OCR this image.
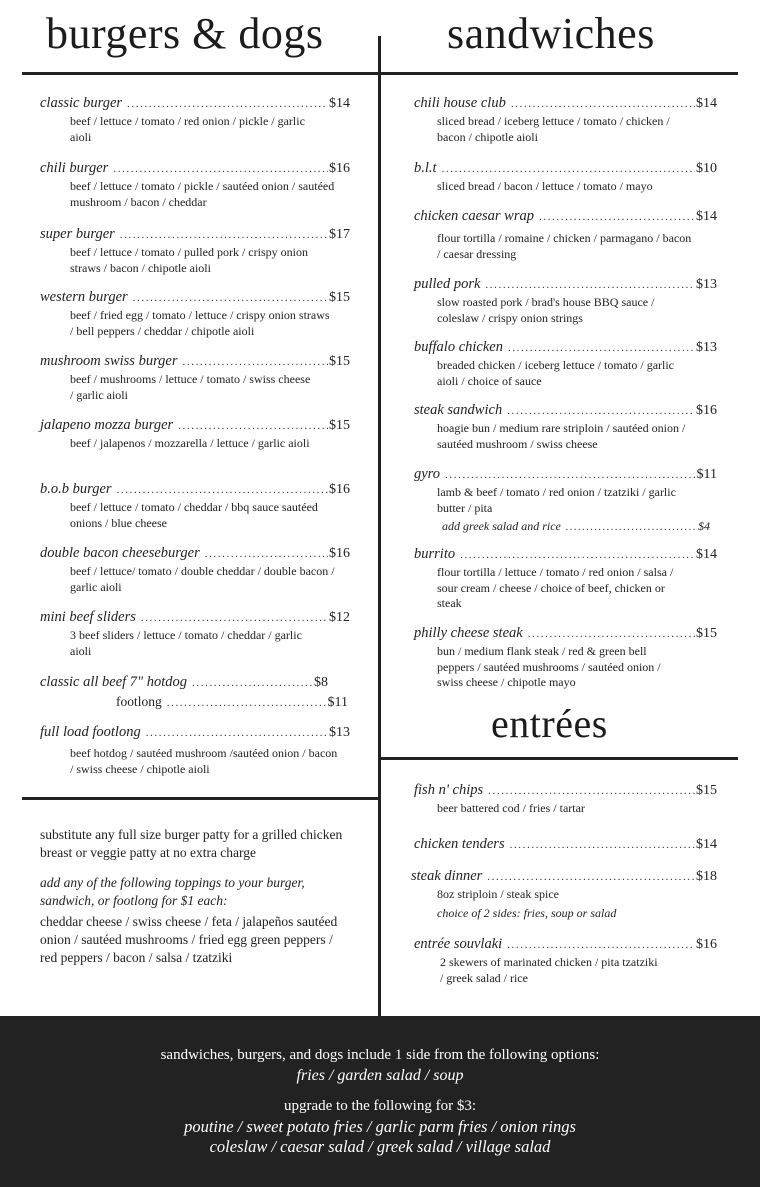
burgers & dogs	sandwiches
classic burger .....	$14
beef / lettuce / tomato / red onion / pickle / garlic aioli
chili burger .....	$16
beef / lettuce / tomato / pickle / sautéed onion / sautéed mushroom / bacon / cheddar
super burger .....	$17
beef / lettuce / tomato / pulled pork / crispy onion straws / bacon / chipotle aioli
western burger .....	$15
beef / fried egg / tomato / lettuce / crispy onion straws / bell peppers / cheddar / chipotle aioli
mushroom swiss burger .....	$15
beef / mushrooms / lettuce / tomato / swiss cheese / garlic aioli
jalapeno mozza burger .....	$15
beef / jalapenos / mozzarella / lettuce / garlic aioli
b.o.b burger .....	$16
beef / lettuce / tomato / cheddar / bbq sauce sautéed onions / blue cheese
double bacon cheeseburger .....	$16
beef / lettuce/ tomato / double cheddar / double bacon / garlic aioli
mini beef sliders .....	$12
3 beef sliders / lettuce / tomato / cheddar / garlic aioli
classic all beef 7" hotdog .....	$8
footlong .....	$11
full load footlong .....	$13
beef hotdog / sautéed mushroom /sautéed onion / bacon / swiss cheese / chipotle aioli
substitute any full size burger patty for a grilled chicken breast or veggie patty at no extra charge
add any of the following toppings to your burger, sandwich, or footlong for $1 each:
cheddar cheese / swiss cheese / feta / jalapeños sautéed onion / sautéed mushrooms / fried egg green peppers / red peppers / bacon / salsa / tzatziki
chili house club .....	$14
sliced bread / iceberg lettuce / tomato / chicken / bacon / chipotle aioli
b.l.t .....	$10
sliced bread / bacon / lettuce / tomato / mayo
chicken caesar wrap .....	$14
flour tortilla / romaine / chicken / parmagano / bacon / caesar dressing
pulled pork .....	$13
slow roasted pork / brad's house BBQ sauce / coleslaw / crispy onion strings
buffalo chicken .....	$13
breaded chicken / iceberg lettuce / tomato / garlic aioli / choice of sauce
steak sandwich .....	$16
hoagie bun / medium rare striploin / sautéed onion / sautéed mushroom / swiss cheese
gyro .....	$11
lamb & beef / tomato / red onion / tzatziki / garlic butter / pita
add greek salad and rice .....	$4
burrito .....	$14
flour tortilla / lettuce / tomato / red onion / salsa / sour cream / cheese / choice of beef, chicken or steak
philly cheese steak .....	$15
bun / medium flank steak / red & green bell peppers / sautéed mushrooms / sautéed onion / swiss cheese / chipotle mayo
entrées
fish n' chips .....	$15
beer battered cod / fries / tartar
chicken tenders .....	$14
steak dinner .....	$18
8oz striploin / steak spice
choice of 2 sides: fries, soup or salad
entrée souvlaki .....	$16
2 skewers of marinated chicken / pita tzatziki / greek salad / rice
sandwiches, burgers, and dogs include 1 side from the following options:
fries / garden salad / soup
upgrade to the following for $3:
poutine / sweet potato fries / garlic parm fries / onion rings
coleslaw / caesar salad / greek salad / village salad
